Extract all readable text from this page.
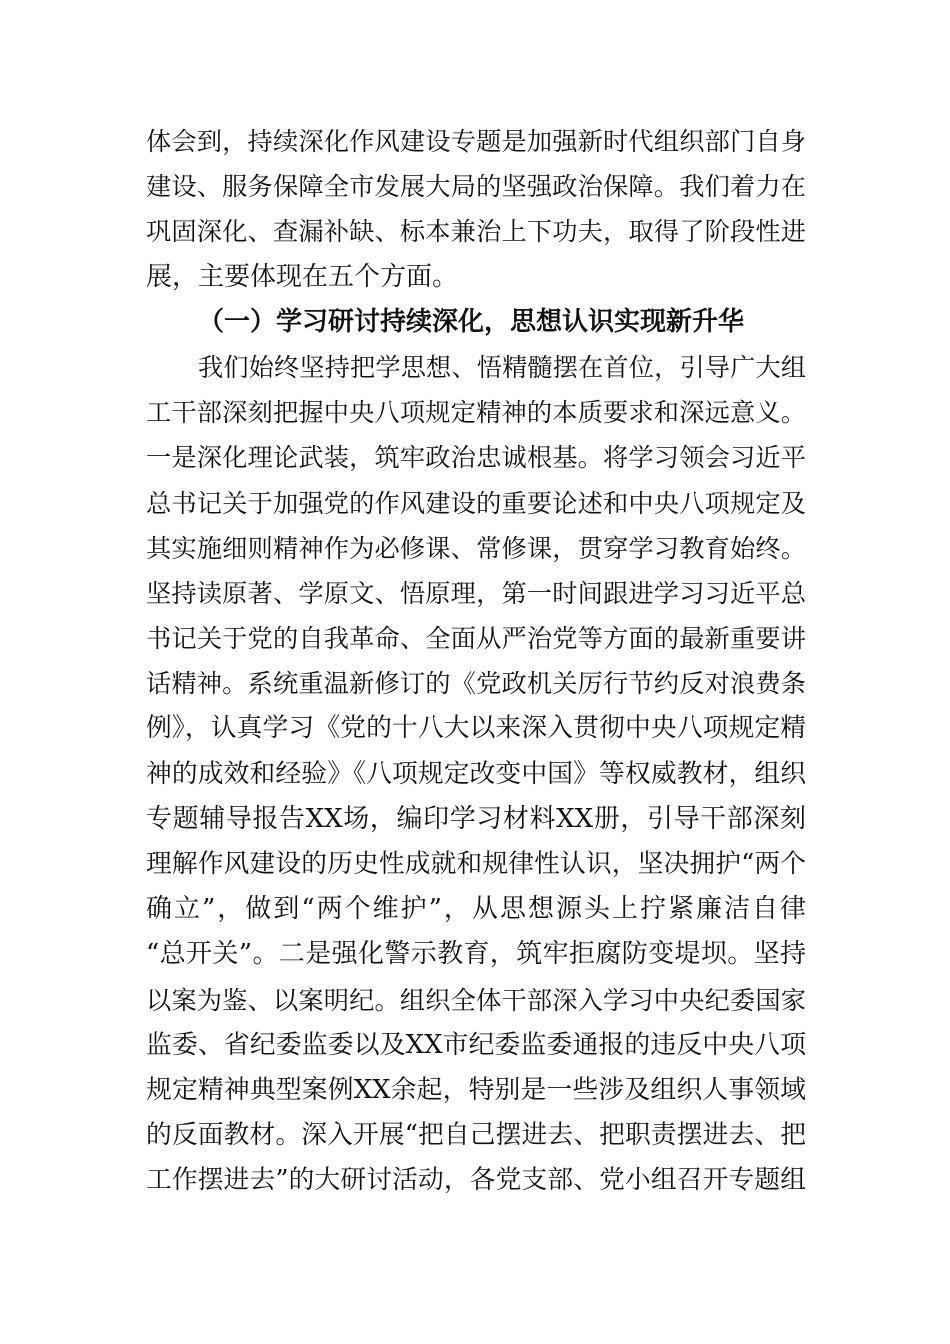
体会到，持续深化作风建设专题是加强新时代组织部门自身
建设、服务保障全市发展大局的坚强政治保障。我们着力在
巩固深化、查漏补缺、标本兼治上下功夫，取得了阶段性进
展，主要体现在五个方面。
（一）学习研讨持续深化，思想认识实现新升华
我们始终坚持把学思想、悟精髓摆在首位，引导广大组
工干部深刻把握中央八项规定精神的本质要求和深远意义。
一是深化理论武装，筑牢政治忠诚根基。将学习领会习近平
总书记关于加强党的作风建设的重要论述和中央八项规定及
其实施细则精神作为必修课、常修课，贯穿学习教育始终。
坚持读原著、学原文、悟原理，第一时间跟进学习习近平总
书记关于党的自我革命、全面从严治党等方面的最新重要讲
话精神。系统重温新修订的《党政机关厉行节约反对浪费条
例》，认真学习《党的十八大以来深入贯彻中央八项规定精
神的成效和经验》《八项规定改变中国》等权威教材，组织
专题辅导报告XX场，编印学习材料XX册，引导干部深刻
理解作风建设的历史性成就和规律性认识，坚决拥护“两个
确立”，做到“两个维护”，从思想源头上拧紧廉洁自律
“总开关”。二是强化警示教育，筑牢拒腐防变堤坝。坚持
以案为鉴、以案明纪。组织全体干部深入学习中央纪委国家
监委、省纪委监委以及XX市纪委监委通报的违反中央八项
规定精神典型案例XX余起，特别是一些涉及组织人事领域
的反面教材。深入开展“把自己摆进去、把职责摆进去、把
工作摆进去”的大研讨活动，各党支部、党小组召开专题组
